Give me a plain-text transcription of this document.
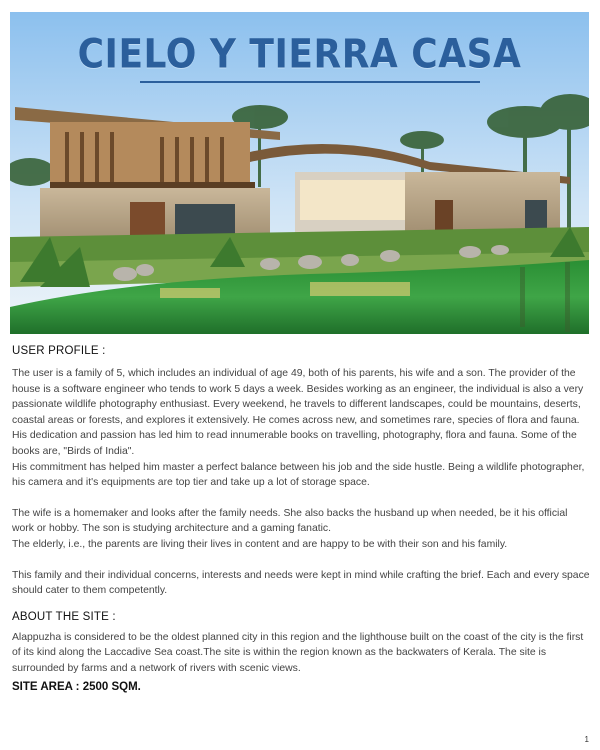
CIELO Y TIERRA CASA

USER PROFILE :

The user is a family of 5, which includes an individual of age 49, both of his parents, his wife and a son. The provider of the house is a software engineer who tends to work 5 days a week. Besides working as an engineer, the individual is also a very passionate wildlife photography enthusiast. Every weekend, he travels to different landscapes, could be mountains, deserts, coastal areas or forests, and explores it extensively. He comes across new, and sometimes rare, species of flora and fauna. His dedication and passion has led him to read innumerable books on travelling, photography, flora and fauna. Some of the books are, "Birds of India".

His commitment has helped him master a perfect balance between his job and the side hustle. Being a wildlife photographer, his camera and it's equipments are top tier and take up a lot of storage space.

The wife is a homemaker and looks after the family needs. She also backs the husband up when needed, be it his official work or hobby. The son is studying architecture and a gaming fanatic.

The elderly, i.e., the parents are living their lives in content and are happy to be with their son and his family.

This family and their individual concerns, interests and needs were kept in mind while crafting the brief. Each and every space should cater to them competently.

ABOUT THE SITE :

Alappuzha is considered to be the oldest planned city in this region and the lighthouse built on the coast of the city is the first of its kind along the Laccadive Sea coast.The site is within the region known as the backwaters of Kerala. The site is surrounded by farms and a network of rivers with scenic views.

SITE AREA : 2500 SQM.

1
